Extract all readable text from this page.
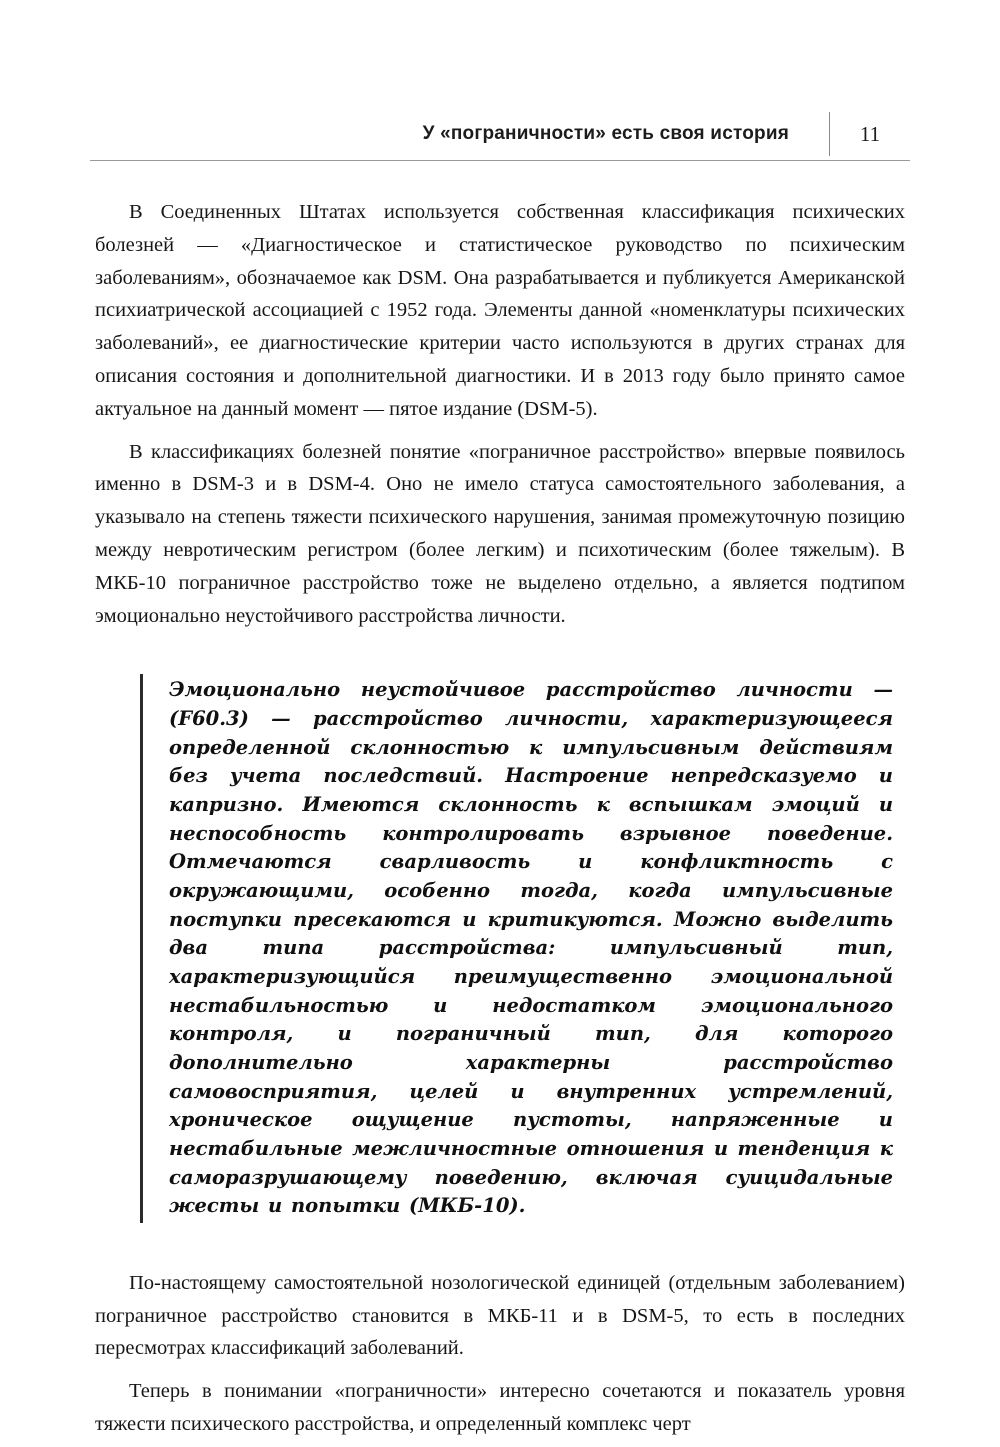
У «пограничности» есть своя история	11

В Соединенных Штатах используется собственная классификация психических болезней — «Диагностическое и статистическое руководство по психическим заболеваниям», обозначаемое как DSM. Она разрабатывается и публикуется Американской психиатрической ассоциацией с 1952 года. Элементы данной «номенклатуры психических заболеваний», ее диагностические критерии часто используются в других странах для описания состояния и дополнительной диагностики. И в 2013 году было принято самое актуальное на данный момент — пятое издание (DSM-5).

В классификациях болезней понятие «пограничное расстройство» впервые появилось именно в DSM-3 и в DSM-4. Оно не имело статуса самостоятельного заболевания, а указывало на степень тяжести психического нарушения, занимая промежуточную позицию между невротическим регистром (более легким) и психотическим (более тяжелым). В МКБ-10 пограничное расстройство тоже не выделено отдельно, а является подтипом эмоционально неустойчивого расстройства личности.

Эмоционально неустойчивое расстройство личности — (F60.3) — расстройство личности, характеризующееся определенной склонностью к импульсивным действиям без учета последствий. Настроение непредсказуемо и капризно. Имеются склонность к вспышкам эмоций и неспособность контролировать взрывное поведение. Отмечаются сварливость и конфликтность с окружающими, особенно тогда, когда импульсивные поступки пресекаются и критикуются. Можно выделить два типа расстройства: импульсивный тип, характеризующийся преимущественно эмоциональной нестабильностью и недостатком эмоционального контроля, и пограничный тип, для которого дополнительно характерны расстройство самовосприятия, целей и внутренних устремлений, хроническое ощущение пустоты, напряженные и нестабильные межличностные отношения и тенденция к саморазрушающему поведению, включая суицидальные жесты и попытки (МКБ-10).

По-настоящему самостоятельной нозологической единицей (отдельным заболеванием) пограничное расстройство становится в МКБ-11 и в DSM-5, то есть в последних пересмотрах классификаций заболеваний.

Теперь в понимании «пограничности» интересно сочетаются и показатель уровня тяжести психического расстройства, и определенный комплекс черт
